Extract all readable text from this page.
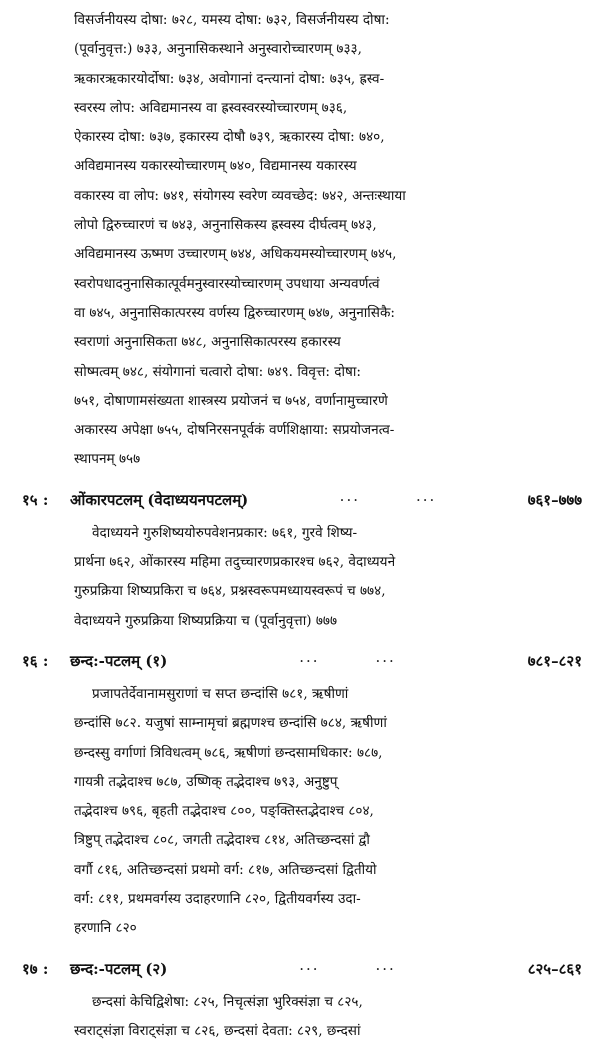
विसर्जनीयस्य दोषा: ७२८, यमस्य दोषा: ७३२, विसर्जनीयस्य दोषा:
(पूर्वानुवृत्त:) ७३३, अनुनासिकस्थाने अनुस्वारोच्चारणम् ७३३,
ऋकारऋकारयोर्दोषा: ७३४, अवोगानां दन्त्यानां दोषा: ७३५, ह्रस्व-
स्वरस्य लोप: अविद्यमानस्य वा ह्रस्वस्वरस्योच्चारणम् ७३६,
ऐकारस्य दोषा: ७३७, इकारस्य दोषौ ७३९, ऋकारस्य दोषा: ७४०,
अविद्यमानस्य यकारस्योच्चारणम् ७४०, विद्यमानस्य यकारस्य
वकारस्य वा लोप: ७४१, संयोगस्य स्वरेण व्यवच्छेद: ७४२, अन्तःस्थाया
लोपो द्विरुच्चारणं च ७४३, अनुनासिकस्य ह्रस्वस्य दीर्घत्वम् ७४३,
अविद्यमानस्य ऊष्मण उच्चारणम् ७४४, अधिकयमस्योच्चारणम् ७४५,
स्वरोपधादनुनासिकात्पूर्वमनुस्वारस्योच्चारणम् उपधाया अन्यवर्णत्वं
वा ७४५, अनुनासिकात्परस्य वर्णस्य द्विरुच्चारणम् ७४७, अनुनासिकै:
स्वराणां अनुनासिकता ७४८, अनुनासिकात्परस्य हकारस्य
सोष्मत्वम् ७४८, संयोगानां चत्वारो दोषा: ७४९. विवृत्त: दोषा:
७५१, दोषाणामसंख्यता शास्त्रस्य प्रयोजनं च ७५४, वर्णानामुच्चारणे
अकारस्य अपेक्षा ७५५, दोषनिरसनपूर्वकं वर्णशिक्षाया: सप्रयोजनत्व-
स्थापनम् ७५७
१५ :	ओंकारपटलम् (वेदाध्ययनपटलम्)	···	···	७६१–७७७
वेदाध्ययने गुरुशिष्ययोरुपवेशनप्रकार: ७६१, गुरवे शिष्य-
प्रार्थना ७६२, ओंकारस्य महिमा तदुच्चारणप्रकारश्च ७६२, वेदाध्ययने
गुरुप्रक्रिया शिष्यप्रकिरा च ७६४, प्रश्नस्वरूपमध्यायस्वरूपं च ७७४,
वेदाध्ययने गुरुप्रक्रिया शिष्यप्रक्रिया च (पूर्वानुवृत्ता) ७७७
१६ :	छन्द:-पटलम् (१)	···	···	७८१–८२१
प्रजापतेर्देवानामसुराणां च सप्त छन्दांसि ७८१, ऋषीणां
छन्दांसि ७८२. यजुषां साम्नामृचां ब्रह्मणश्च छन्दांसि ७८४, ऋषीणां
छन्दस्सु वर्गाणां त्रिविधत्वम् ७८६, ऋषीणां छन्दसामधिकार: ७८७,
गायत्री तद्भेदाश्च ७८७, उष्णिक् तद्भेदाश्च ७९३, अनुष्टुप्
तद्भेदाश्च ७९६, बृहती तद्भेदाश्च ८००, पङ्क्तिस्तद्भेदाश्च ८०४,
त्रिष्टुप् तद्भेदाश्च ८०८, जगती तद्भेदाश्च ८१४, अतिच्छन्दसां द्वौ
वर्गौ ८१६, अतिच्छन्दसां प्रथमो वर्ग: ८१७, अतिच्छन्दसां द्वितीयो
वर्ग: ८११, प्रथमवर्गस्य उदाहरणानि ८२०, द्वितीयवर्गस्य उदा-
हरणानि ८२०
१७ :	छन्द:-पटलम् (२)	···	···	८२५–८६१
छन्दसां केचिद्विशेषा: ८२५, निचृत्संज्ञा भुरिक्संज्ञा च ८२५,
स्वराट्संज्ञा विराट्संज्ञा च ८२६, छन्दसां देवता: ८२९, छन्दसां
